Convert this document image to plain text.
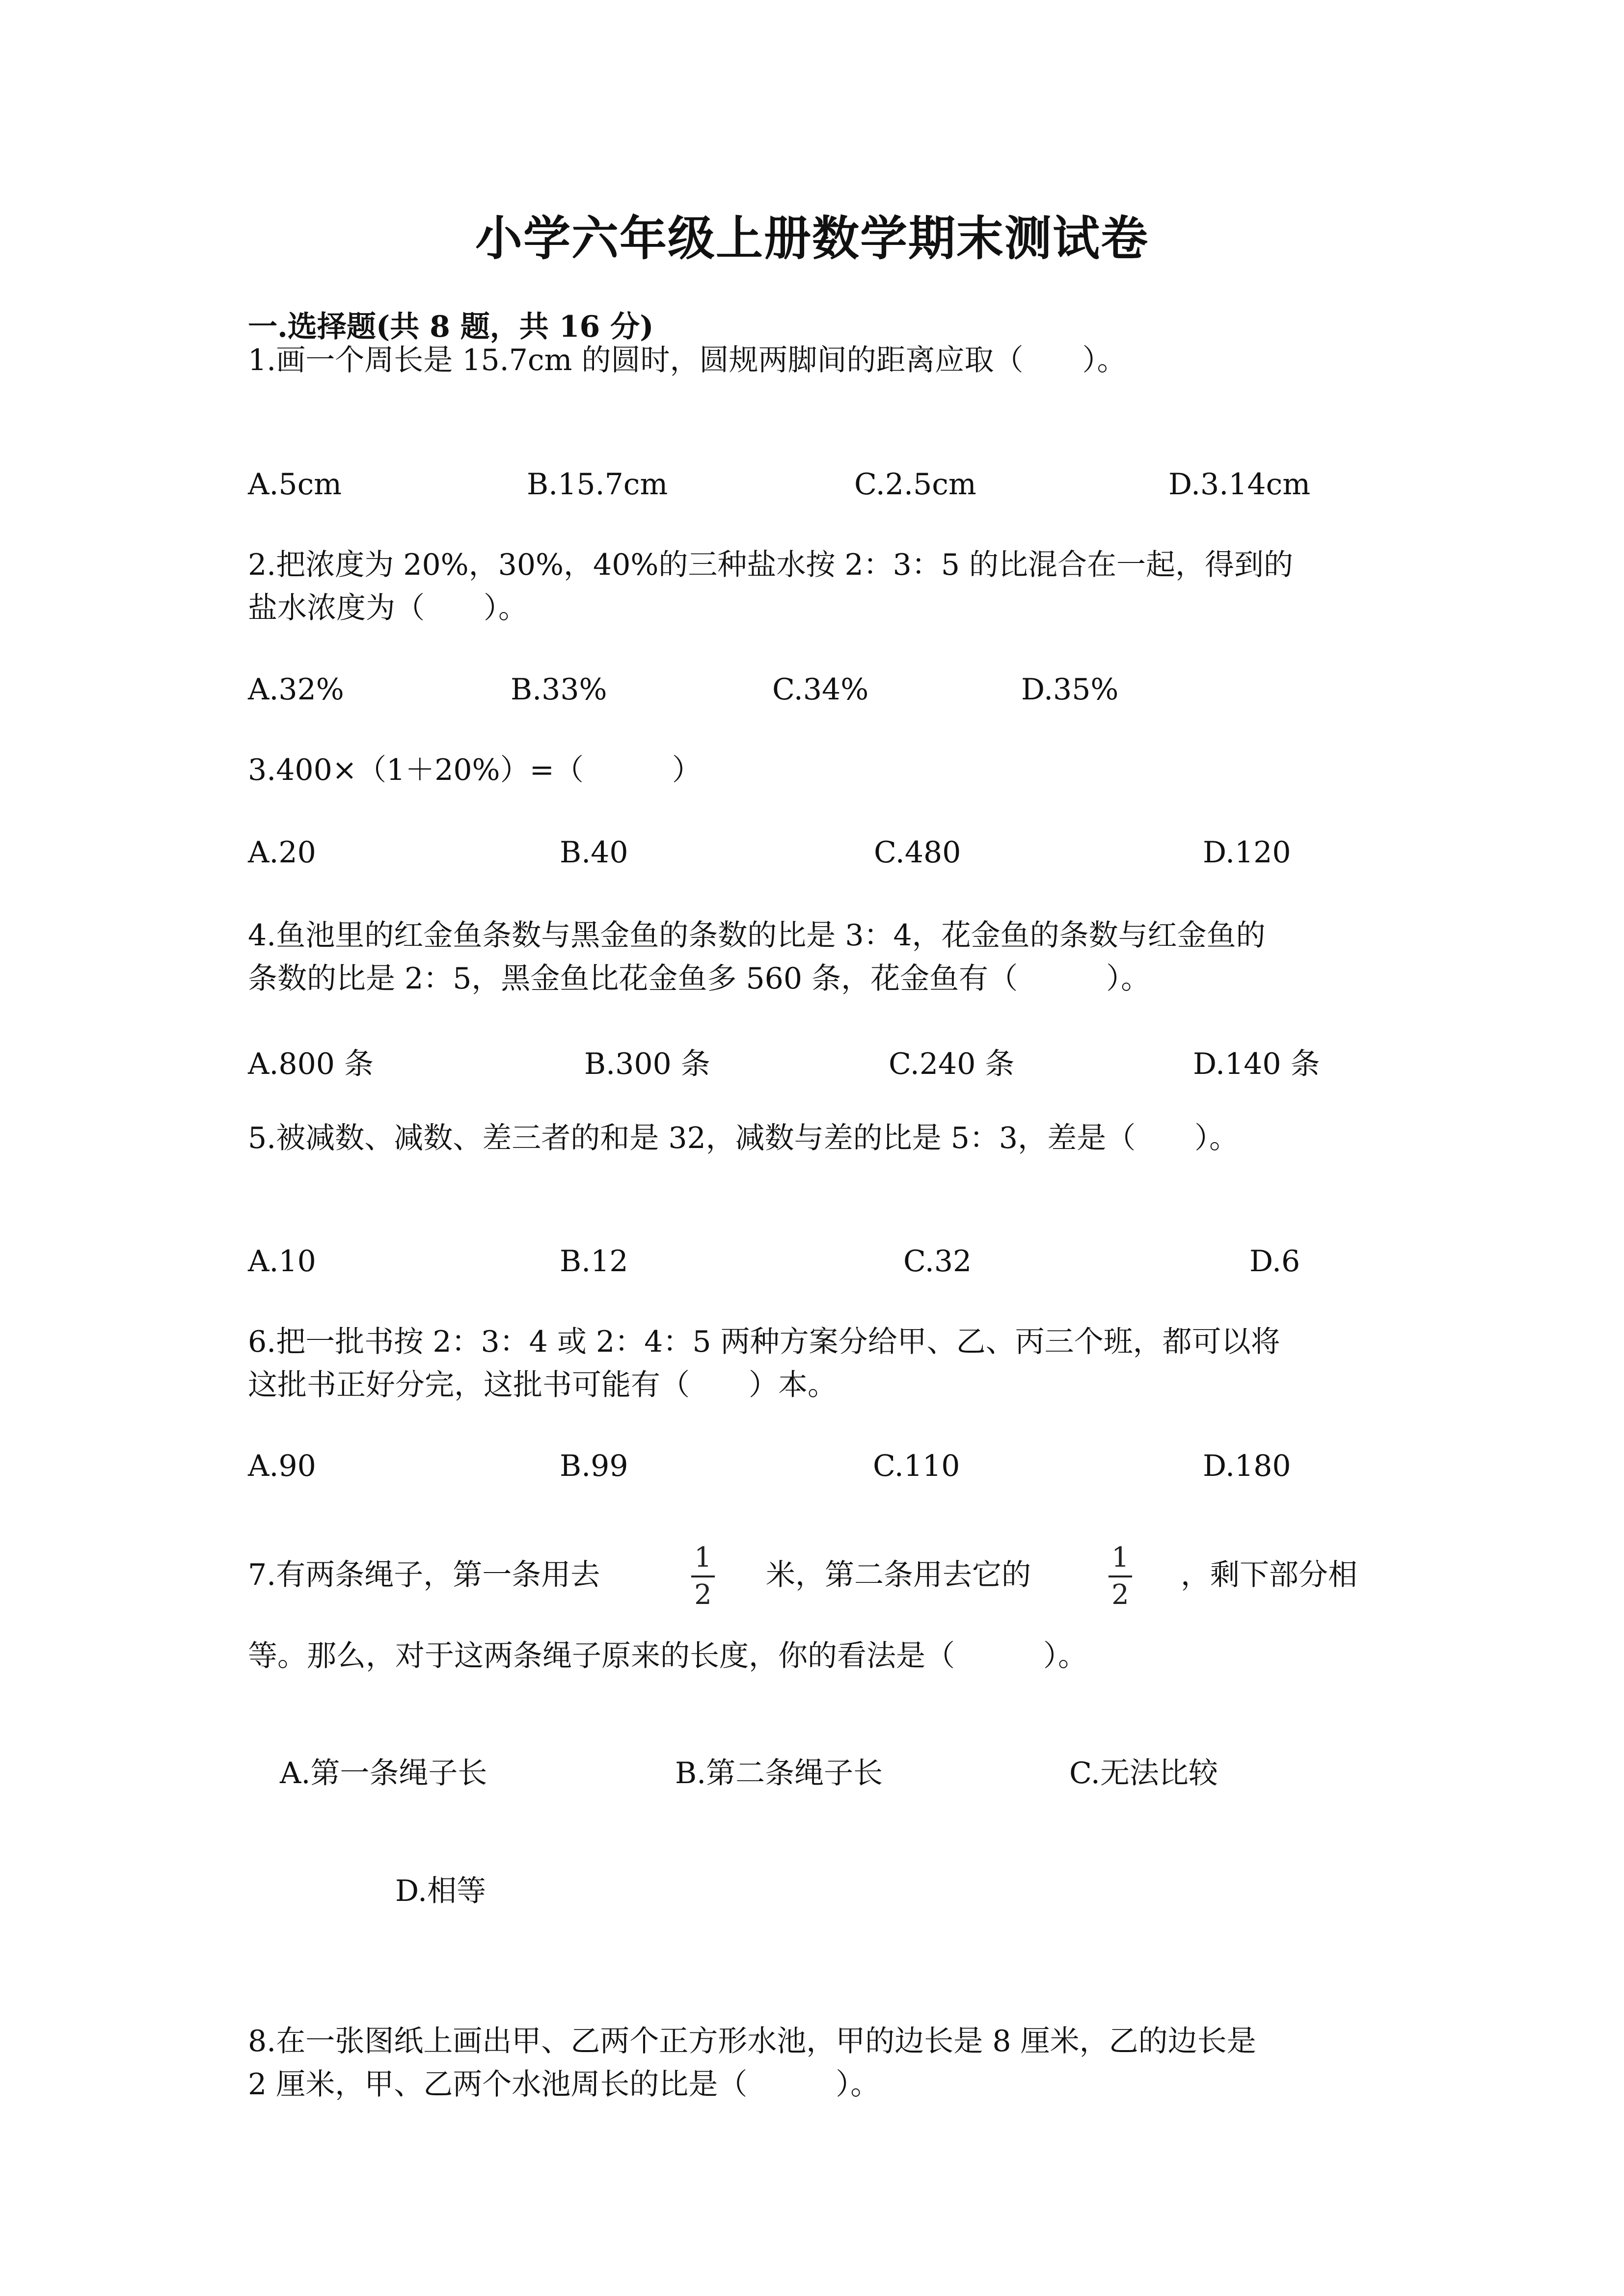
小学六年级上册数学期末测试卷
一.选择题(共 8 题，共 16 分)
1.画一个周长是 15.7cm 的圆时，圆规两脚间的距离应取（　　）。
A.5cm	B.15.7cm	C.2.5cm	D.3.14cm
2.把浓度为 20%，30%，40%的三种盐水按 2：3：5 的比混合在一起，得到的
盐水浓度为（　　）。
A.32%	B.33%	C.34%	D.35%
3.400×（1＋20%）=（　　　）
A.20	B.40	C.480	D.120
4.鱼池里的红金鱼条数与黑金鱼的条数的比是 3：4，花金鱼的条数与红金鱼的
条数的比是 2：5，黑金鱼比花金鱼多 560 条，花金鱼有（　　　）。
A.800 条	B.300 条	C.240 条	D.140 条
5.被减数、减数、差三者的和是 32，减数与差的比是 5：3，差是（　　）。
A.10	B.12	C.32	D.6
6.把一批书按 2：3：4 或 2：4：5 两种方案分给甲、乙、丙三个班，都可以将
这批书正好分完，这批书可能有（　　）本。
A.90	B.99	C.110	D.180
7.有两条绳子，第一条用去
1
2
米，第二条用去它的
1
2
，剩下部分相
等。那么，对于这两条绳子原来的长度，你的看法是（　　　）。
A.第一条绳子长	B.第二条绳子长	C.无法比较
D.相等
8.在一张图纸上画出甲、乙两个正方形水池，甲的边长是 8 厘米，乙的边长是
2 厘米，甲、乙两个水池周长的比是（　　　）。
